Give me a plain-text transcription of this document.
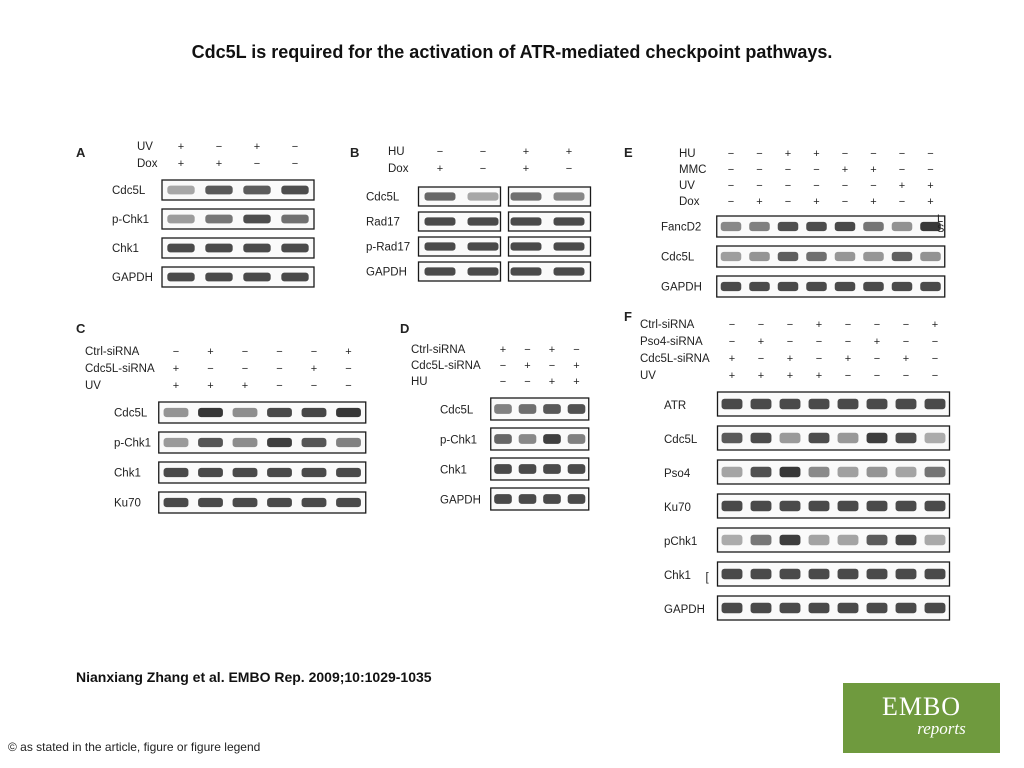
Cdc5L is required for the activation of ATR-mediated checkpoint pathways.
A	UV +	−	+	−
Dox +	+	−	−
Cdc5L
p-Chk1
Chk1
GAPDH
B HU	−	−	+	+
Dox	+	−	+	−
Cdc5L
Rad17
p-Rad17
GAPDH
E	HU	− − + + − − − −
MMC − − − − + + − −
UV	− − − − − − + +
Dox	− + − + − + − +
FancD2
Cdc5L
GAPDH
L
S
C
Ctrl-siRNA	−	+	−	−	−	+
Cdc5L-siRNA +	−	−	−	+	−
UV	+	+	+	−	−	−
Cdc5L
p-Chk1
Chk1
Ku70
D
Ctrl-siRNA	+ − + −
Cdc5L-siRNA − + − +
HU	− − + +
Cdc5L
p-Chk1
Chk1
GAPDH
F
Ctrl-siRNA	− − − + − − − +
Pso4-siRNA − + − − − + − −
Cdc5L-siRNA + − + − + − + −
UV	+ + + + − − − −
ATR
Cdc5L
Pso4
Ku70
pChk1
Chk1
GAPDH
[
Nianxiang Zhang et al. EMBO Rep. 2009;10:1029-1035
EMBO
reports
© as stated in the article, figure or figure legend
